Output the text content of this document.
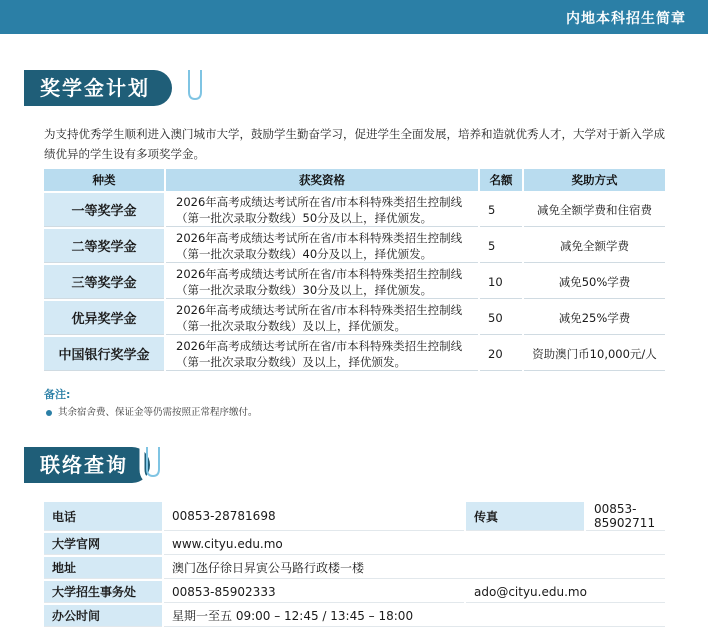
内地本科招生简章
奖学金计划

为支持优秀学生顺利进入澳门城市大学，鼓励学生勤奋学习，促进学生全面发展，培养和造就优秀人才，大学对于新入学成绩优异的学生设有多项奖学金。

种类	获奖资格	名额	奖助方式
一等奖学金	2026年高考成绩达考试所在省/市本科特殊类招生控制线
（第一批次录取分数线）50分及以上，择优颁发。	5	减免全额学费和住宿费
二等奖学金	2026年高考成绩达考试所在省/市本科特殊类招生控制线
（第一批次录取分数线）40分及以上，择优颁发。	5	减免全额学费
三等奖学金	2026年高考成绩达考试所在省/市本科特殊类招生控制线
（第一批次录取分数线）30分及以上，择优颁发。	10	减免50%学费
优异奖学金	2026年高考成绩达考试所在省/市本科特殊类招生控制线
（第一批次录取分数线）及以上，择优颁发。	50	减免25%学费
中国银行奖学金	2026年高考成绩达考试所在省/市本科特殊类招生控制线
（第一批次录取分数线）及以上，择优颁发。	20	资助澳门币10,000元/人
备注:
其余宿舍费、保证金等仍需按照正常程序缴付。
联络查询
电话	00853-28781698	传真	00853-85902711
大学官网	www.cityu.edu.mo		
地址	澳门氹仔徐日昇寅公马路行政楼一楼		
大学招生事务处	00853-85902333	ado@cityu.edu.mo	
办公时间	星期一至五 09:00 – 12:45 / 13:45 – 18:00		
